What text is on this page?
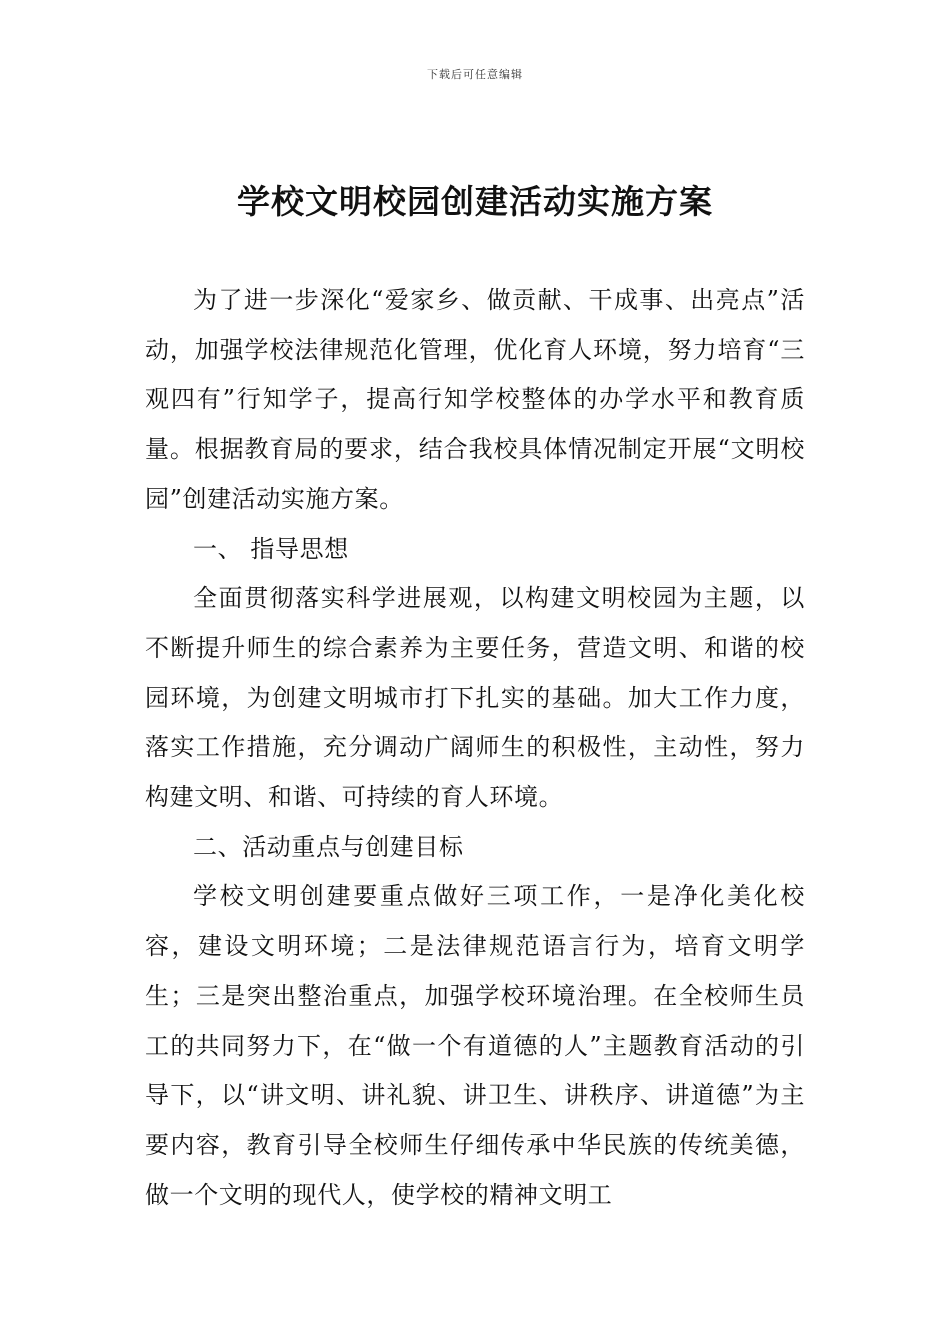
下载后可任意编辑
学校文明校园创建活动实施方案

为了进一步深化“爱家乡、做贡献、干成事、出亮点”活动，加强学校法律规范化管理，优化育人环境，努力培育“三观四有”行知学子，提高行知学校整体的办学水平和教育质量。根据教育局的要求，结合我校具体情况制定开展“文明校园”创建活动实施方案。

一、 指导思想

全面贯彻落实科学进展观，以构建文明校园为主题，以不断提升师生的综合素养为主要任务，营造文明、和谐的校园环境，为创建文明城市打下扎实的基础。加大工作力度，落实工作措施，充分调动广阔师生的积极性，主动性，努力构建文明、和谐、可持续的育人环境。

二、活动重点与创建目标

学校文明创建要重点做好三项工作，一是净化美化校容，建设文明环境；二是法律规范语言行为，培育文明学生；三是突出整治重点，加强学校环境治理。在全校师生员工的共同努力下，在“做一个有道德的人”主题教育活动的引导下，以“讲文明、讲礼貌、讲卫生、讲秩序、讲道德”为主要内容，教育引导全校师生仔细传承中华民族的传统美德，做一个文明的现代人，使学校的精神文明工
